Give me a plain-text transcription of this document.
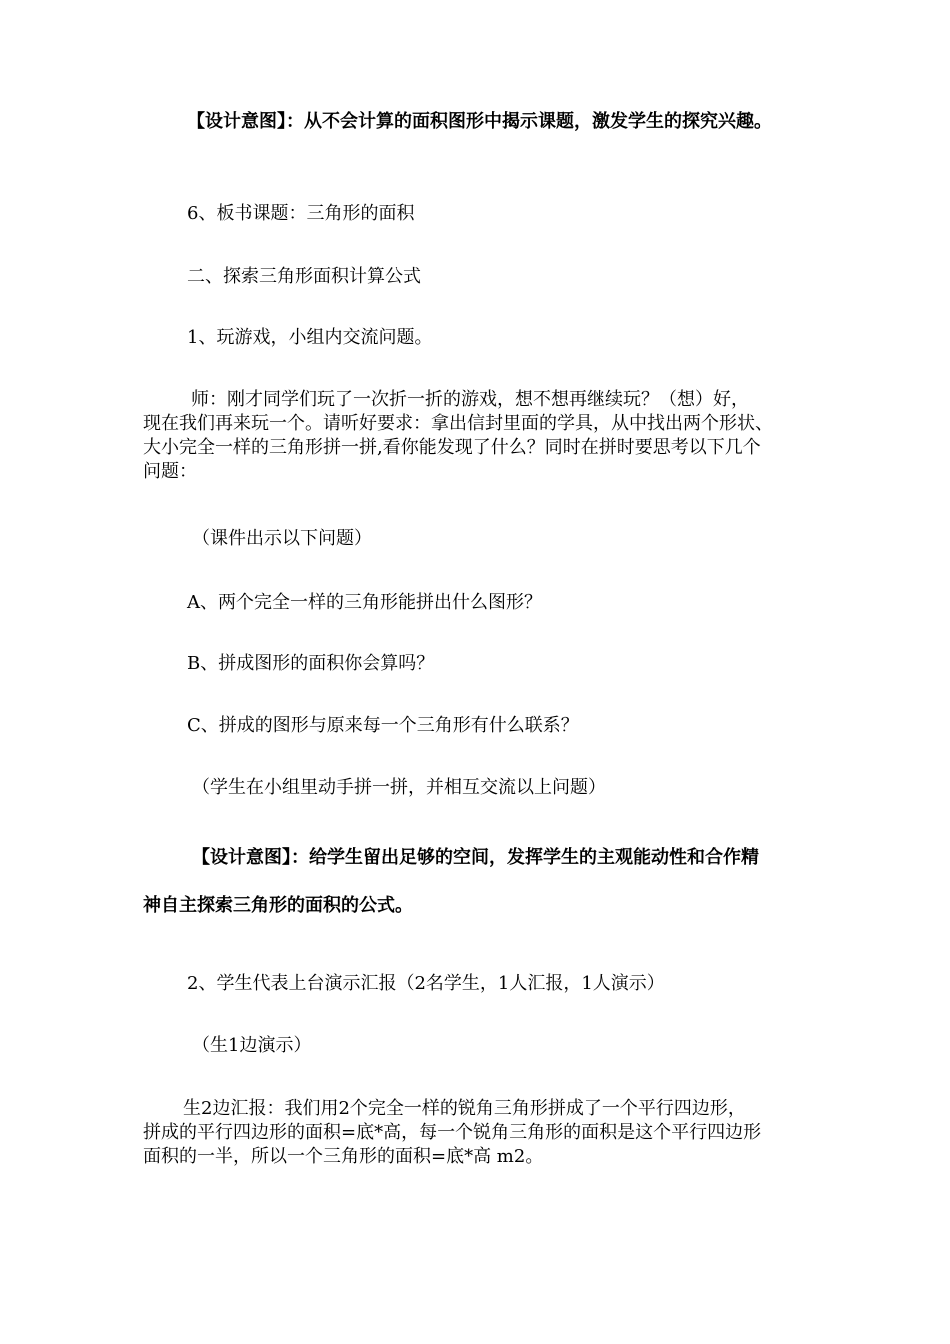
【设计意图】：从不会计算的面积图形中揭示课题，激发学生的探究兴趣。
6、板书课题：三角形的面积
二、探索三角形面积计算公式
1、玩游戏，小组内交流问题。
师：刚才同学们玩了一次折一折的游戏，想不想再继续玩？（想）好，
现在我们再来玩一个。请听好要求：拿出信封里面的学具，从中找出两个形状、
大小完全一样的三角形拼一拼,看你能发现了什么？同时在拼时要思考以下几个
问题：
（课件出示以下问题）
A、两个完全一样的三角形能拼出什么图形？
B、拼成图形的面积你会算吗？
C、拼成的图形与原来每一个三角形有什么联系？
（学生在小组里动手拼一拼，并相互交流以上问题）
【设计意图】：给学生留出足够的空间，发挥学生的主观能动性和合作精
神自主探索三角形的面积的公式。
2、学生代表上台演示汇报（2名学生，1人汇报，1人演示）
（生1边演示）
生2边汇报：我们用2个完全一样的锐角三角形拼成了一个平行四边形，
拼成的平行四边形的面积=底*高，每一个锐角三角形的面积是这个平行四边形
面积的一半，所以一个三角形的面积=底*高 m2。
